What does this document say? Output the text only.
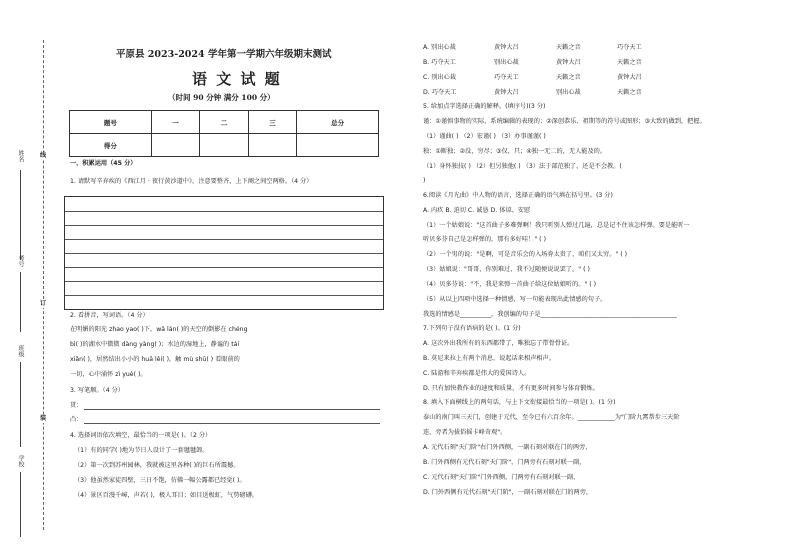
姓名
考号
班级
学校
线
订
装
平原县 2023-2024 学年第一学期六年级期末测试
语 文 试 题
（时间 90 分钟 满分 100 分）
题号	一	二	三	总分
得分				
一、积累运用（45 分）
1. 请默写辛弃疾的《西江月 · 夜行黄沙道中》，注意要整齐，上下阕之间空两格。（4 分）
2. 看拼音，写词语。（4 分）
在明媚的阳光 zhao yao( )下，wǎ lán( )的天空的倒影在 chéng
bì( )的湖水中微微 dàng yàng( )；水边的湿地上，静谧的 tái
xiǎn( )，居然结出小小的 huā lěi( )。触 mù shū( ) 看眼前的
一切，心中涌怀 zì yuè( )。
3. 写笔顺。（4 分）
贯：
凸：
4. 选择词语依次填空，最恰当的一项是( )。（2 分）
（1）有的同学( )地为节日人设计了一套毽毽卸。
（2）第一次到苏州园林，我就被这里各种( )的巨石所震撼。
（3）他虽然家徒四壁，三日不饱，仿佛一幅公露都已经觉( )。
（4）景区百漫千嶂，声若( )，极人耳目；如目送极虹，气势磅礴。
A. 别出心裁	黄钟大吕	天籁之音	巧夺天工
B. 巧夺天工	别出心裁	黄钟大吕	天籁之音
C. 别出心裁	巧夺天工	天籁之音	黄钟大吕
D. 巧夺天工	黄钟大吕	别出心裁	天籁之音
5. 给加点字选择正确的解释。(填序号)(3 分)
谨：①谨慎事物的实际、系统编辑的表现的；②深创恭乐、祖期等的符号或图形；③大致的做到，把握。
（1）谨曲( ) （2）宏谨( ) （3）办事谨谨( )
独：①断独；②没，穷尽；③仅，只；④独一无二的，无人能及的。
（1）身怀独技( ) （2）但另独他( ) （3）法于部范独了，还是不会教。(
)
6.阅读《月光曲》中人物的语言，选择正确的语气填在括号里。(3 分)
A. 内疚 B. 迫切 C. 诚恳 D. 体谅、安慰
（1）一个姑娘说："这首曲子多难弹啊！我只听别人弹过几遍，总是记不住该怎样弹。要是能听一
听贝多芬自己是怎样弹的，那有多好哇！" ( )
（2）一个男的说："是啊，可是音乐会的入场券太贵了，咱们又太穷。" ( )
（3）姑娘说："哥哥，你别难过，我不过随便说说罢了。" ( )
（4）贝多芬说："不，我是来弹一首曲子给这位姑娘听的。" ( )
（5）从以上四项中选择一种情感，写一句能表现出此情感的句子。
我选的情感是__________，我创编的句子是____________________________________________
7.下列句子没有语病的是( )。(1 分)
A. 这次外出我所有的东西都带了，唯独忘了带骨骨证。
B. 莫尼来拉上有两个消息，说起话来相声相声。
C. 陆游和辛弃疾都是伟大的爱国诗人。
D. 只有加快教作业的速度和质量，才有更多时间参与体育锻炼。
8. 填入下面横线上的两句话，与上下文衔接最恰当的一项是( )。(1 分)
泰山的南门叫三天门，创建于元代，至今已有六百余年。____________为"门阶九霄帮步三天阶
连，旁者为拔俗摇卡峰奇观"。
A. 元代石刻"天门阶"右门外西侧，一副石刻对联在门的两旁，
B. 门外西侧有元代石刻"天门阶"，门两旁有石刻对联一副，
C. 元代石刻"天门阶"门外西侧，门两旁有石刻对联一副，
D. 门外西侧有元代石刻"天门阶"，一副石刻对联在门的两旁，
